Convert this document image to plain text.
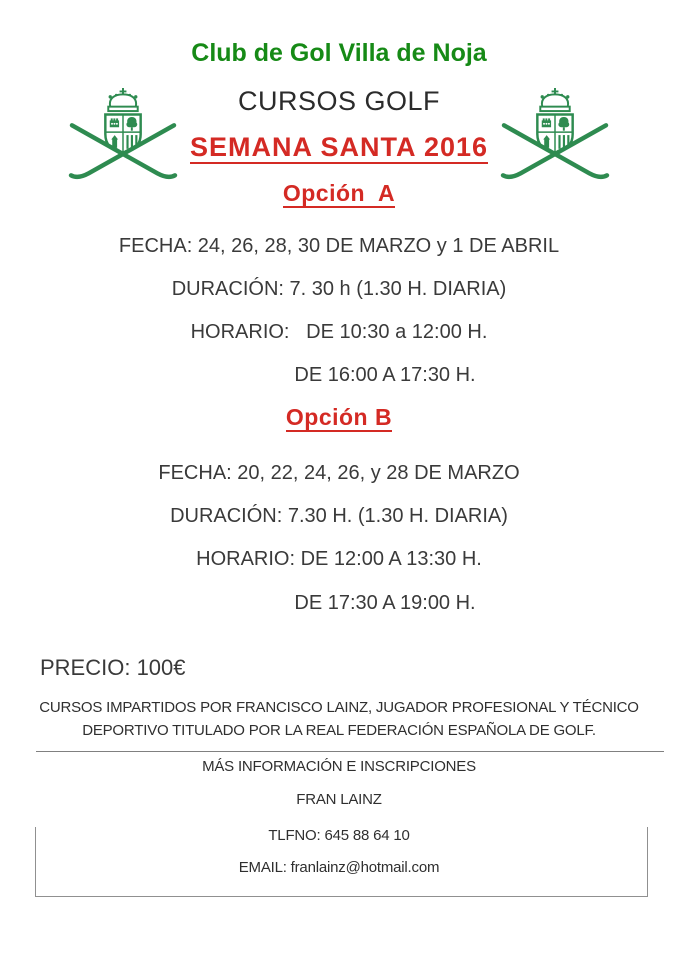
Club de Gol Villa de Noja
CURSOS GOLF
SEMANA SANTA 2016
Opción  A
FECHA: 24, 26, 28, 30 DE MARZO y 1 DE ABRIL
DURACIÓN: 7. 30 h (1.30 H. DIARIA)
HORARIO:   DE 10:30 a 12:00 H.
DE 16:00 A 17:30 H.
Opción B
FECHA: 20, 22, 24, 26, y 28 DE MARZO
DURACIÓN: 7.30 H. (1.30 H. DIARIA)
HORARIO: DE 12:00 A 13:30 H.
DE 17:30 A 19:00 H.
PRECIO: 100€
CURSOS IMPARTIDOS POR FRANCISCO LAINZ, JUGADOR PROFESIONAL Y TÉCNICO
DEPORTIVO TITULADO POR LA REAL FEDERACIÓN ESPAÑOLA DE GOLF.
MÁS INFORMACIÓN E INSCRIPCIONES
FRAN LAINZ
TLFNO: 645 88 64 10
EMAIL: franlainz@hotmail.com
